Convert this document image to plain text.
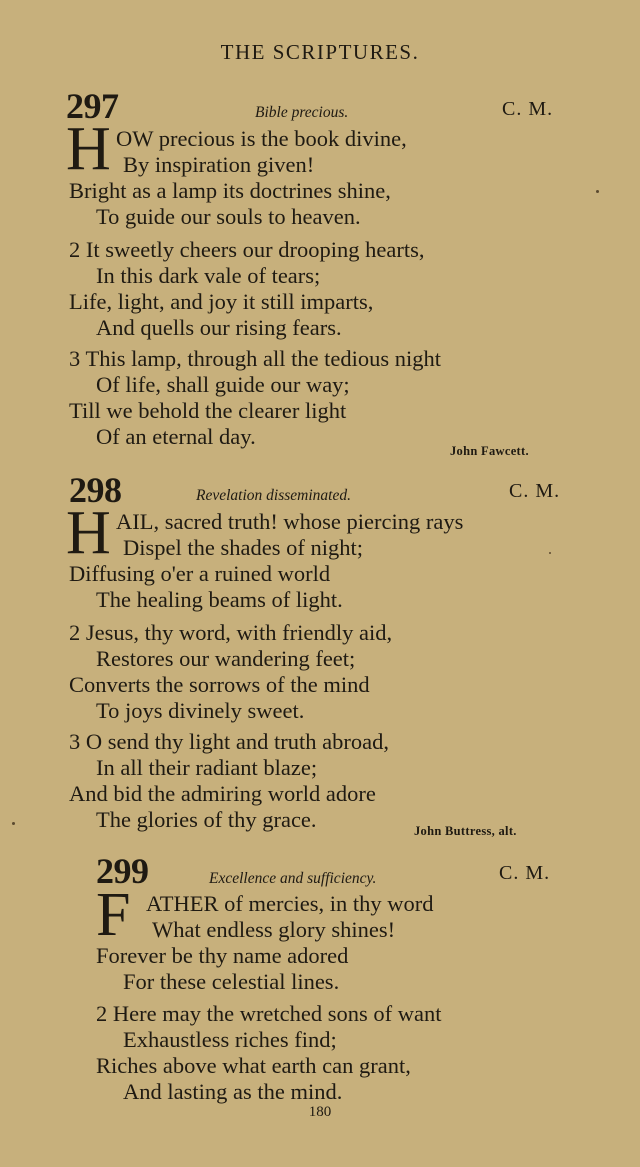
THE SCRIPTURES.
297	Bible precious.	C. M.
H OW precious is the book divine,
By inspiration given!
Bright as a lamp its doctrines shine,
To guide our souls to heaven.
2 It sweetly cheers our drooping hearts,
In this dark vale of tears;
Life, light, and joy it still imparts,
And quells our rising fears.
3 This lamp, through all the tedious night
Of life, shall guide our way;
Till we behold the clearer light
Of an eternal day.
John Fawcett.
298	Revelation disseminated.	C. M.
H AIL, sacred truth! whose piercing rays
Dispel the shades of night;
Diffusing o'er a ruined world
The healing beams of light.
2 Jesus, thy word, with friendly aid,
Restores our wandering feet;
Converts the sorrows of the mind
To joys divinely sweet.
3 O send thy light and truth abroad,
In all their radiant blaze;
And bid the admiring world adore
The glories of thy grace.	John Buttress, alt.
299	Excellence and sufficiency.	C. M.
F ATHER of mercies, in thy word
What endless glory shines!
Forever be thy name adored
For these celestial lines.
2 Here may the wretched sons of want
Exhaustless riches find;
Riches above what earth can grant,
And lasting as the mind.
180
